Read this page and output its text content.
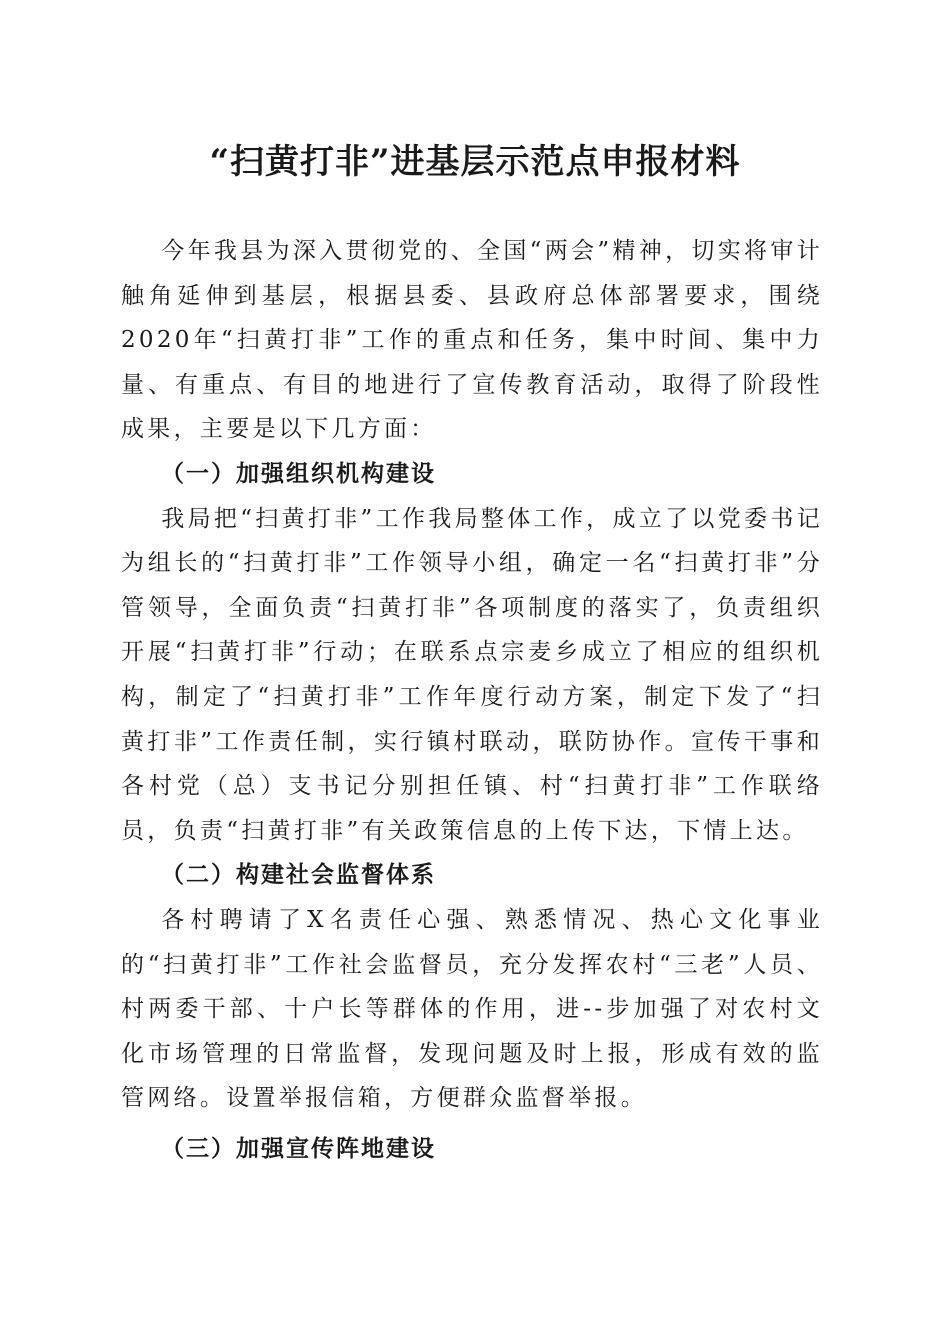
“扫黄打非”进基层示范点申报材料

今年我县为深入贯彻党的、全国“两会”精神，切实将审计触角延伸到基层，根据县委、县政府总体部署要求，围绕2020年“扫黄打非”工作的重点和任务，集中时间、集中力量、有重点、有目的地进行了宣传教育活动，取得了阶段性成果，主要是以下几方面：

（一）加强组织机构建设

我局把“扫黄打非”工作我局整体工作，成立了以党委书记为组长的“扫黄打非”工作领导小组，确定一名“扫黄打非”分管领导，全面负责“扫黄打非”各项制度的落实了，负责组织开展“扫黄打非”行动；在联系点宗麦乡成立了相应的组织机构，制定了“扫黄打非”工作年度行动方案，制定下发了“扫黄打非”工作责任制，实行镇村联动，联防协作。宣传干事和各村党（总）支书记分别担任镇、村“扫黄打非”工作联络员，负责“扫黄打非”有关政策信息的上传下达，下情上达。

（二）构建社会监督体系

各村聘请了X名责任心强、熟悉情况、热心文化事业的“扫黄打非”工作社会监督员，充分发挥农村“三老”人员、村两委干部、十户长等群体的作用，进--步加强了对农村文化市场管理的日常监督，发现问题及时上报，形成有效的监管网络。设置举报信箱，方便群众监督举报。

（三）加强宣传阵地建设
